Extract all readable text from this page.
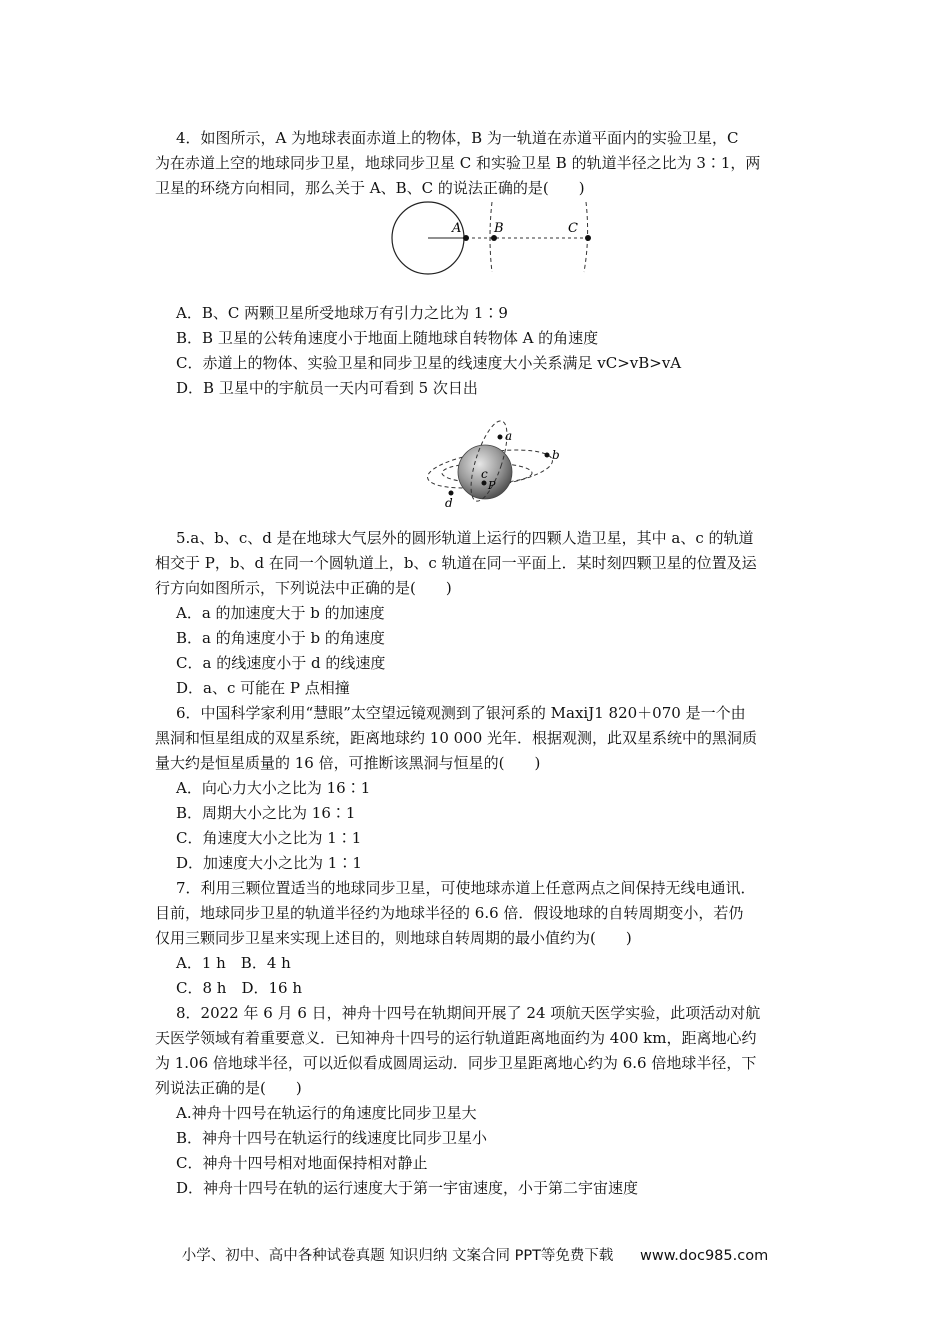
4．如图所示，A 为地球表面赤道上的物体，B 为一轨道在赤道平面内的实验卫星，C
为在赤道上空的地球同步卫星，地球同步卫星 C 和实验卫星 B 的轨道半径之比为 3∶1，两
卫星的环绕方向相同，那么关于 A、B、C 的说法正确的是(　　)
A	B	C
A．B、C 两颗卫星所受地球万有引力之比为 1∶9
B．B 卫星的公转角速度小于地面上随地球自转物体 A 的角速度
C．赤道上的物体、实验卫星和同步卫星的线速度大小关系满足 vC>vB>vA
D．B 卫星中的宇航员一天内可看到 5 次日出
a
b
c
d
P
5.a、b、c、d 是在地球大气层外的圆形轨道上运行的四颗人造卫星，其中 a、c 的轨道
相交于 P，b、d 在同一个圆轨道上，b、c 轨道在同一平面上．某时刻四颗卫星的位置及运
行方向如图所示，下列说法中正确的是(　　)
A．a 的加速度大于 b 的加速度
B．a 的角速度小于 b 的角速度
C．a 的线速度小于 d 的线速度
D．a、c 可能在 P 点相撞
6．中国科学家利用“慧眼”太空望远镜观测到了银河系的 MaxiJ1 820＋070 是一个由
黑洞和恒星组成的双星系统，距离地球约 10 000 光年．根据观测，此双星系统中的黑洞质
量大约是恒星质量的 16 倍，可推断该黑洞与恒星的(　　)
A．向心力大小之比为 16∶1
B．周期大小之比为 16∶1
C．角速度大小之比为 1∶1
D．加速度大小之比为 1∶1
7．利用三颗位置适当的地球同步卫星，可使地球赤道上任意两点之间保持无线电通讯．
目前，地球同步卫星的轨道半径约为地球半径的 6.6 倍．假设地球的自转周期变小，若仍
仅用三颗同步卫星来实现上述目的，则地球自转周期的最小值约为(　　)
A．1 h　B．4 h
C．8 h　D．16 h
8．2022 年 6 月 6 日，神舟十四号在轨期间开展了 24 项航天医学实验，此项活动对航
天医学领域有着重要意义．已知神舟十四号的运行轨道距离地面约为 400 km，距离地心约
为 1.06 倍地球半径，可以近似看成圆周运动．同步卫星距离地心约为 6.6 倍地球半径，下
列说法正确的是(　　)
A.神舟十四号在轨运行的角速度比同步卫星大
B．神舟十四号在轨运行的线速度比同步卫星小
C．神舟十四号相对地面保持相对静止
D．神舟十四号在轨的运行速度大于第一宇宙速度，小于第二宇宙速度
小学、初中、高中各种试卷真题 知识归纳 文案合同 PPT等免费下载 www.doc985.com
